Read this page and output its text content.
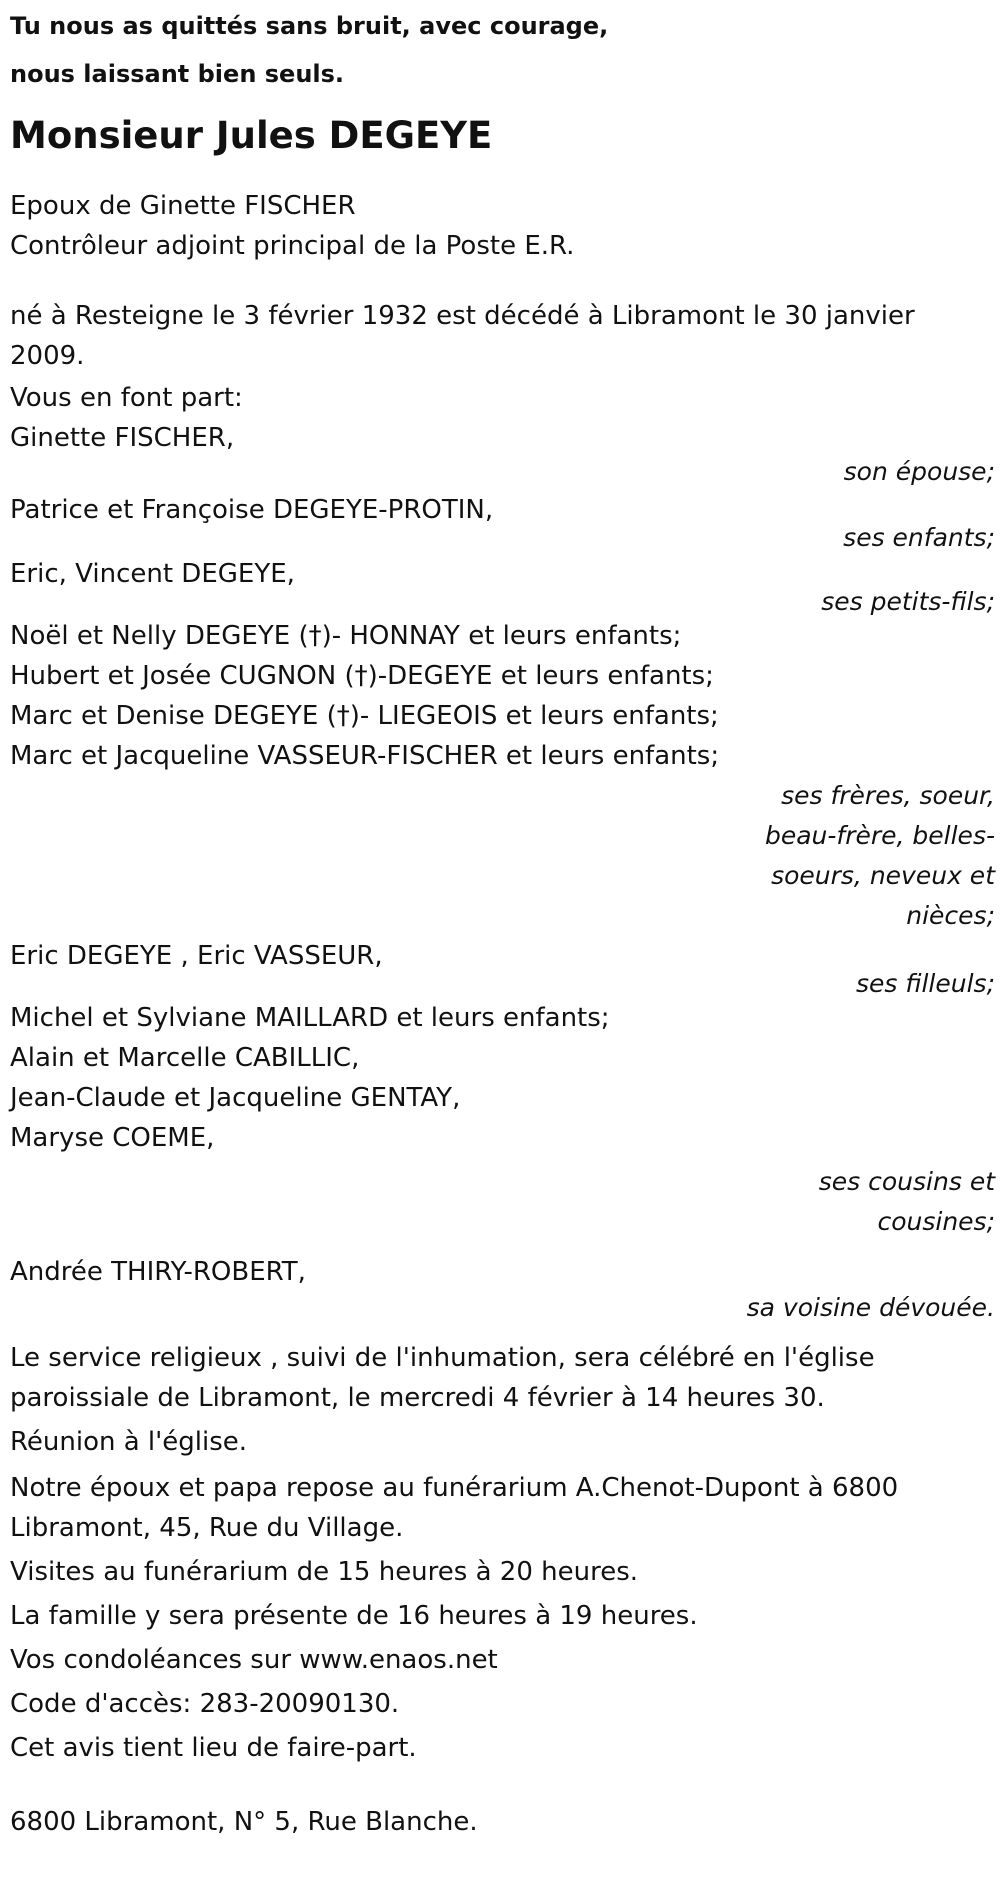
Tu nous as quittés sans bruit, avec courage,
nous laissant bien seuls.
Monsieur Jules DEGEYE
Epoux de Ginette FISCHER
Contrôleur adjoint principal de la Poste E.R.
né à Resteigne le 3 février 1932 est décédé à Libramont le 30 janvier 2009.
Vous en font part:
Ginette FISCHER,
son épouse;
Patrice et Françoise DEGEYE-PROTIN,
ses enfants;
Eric, Vincent DEGEYE,
ses petits-fils;
Noël et Nelly DEGEYE (†)- HONNAY et leurs enfants;
Hubert et Josée CUGNON (†)-DEGEYE et leurs enfants;
Marc et Denise DEGEYE (†)- LIEGEOIS et leurs enfants;
Marc et Jacqueline VASSEUR-FISCHER et leurs enfants;
ses frères, soeur, beau-frère, belles-soeurs, neveux et nièces;
Eric DEGEYE , Eric VASSEUR,
ses filleuls;
Michel et Sylviane MAILLARD et leurs enfants;
Alain et Marcelle CABILLIC,
Jean-Claude et Jacqueline GENTAY,
Maryse COEME,
ses cousins et cousines;
Andrée THIRY-ROBERT,
sa voisine dévouée.
Le service religieux , suivi de l'inhumation, sera célébré en l'église paroissiale de Libramont, le mercredi 4 février à 14 heures 30.
Réunion à l'église.
Notre époux et papa repose au funérarium A.Chenot-Dupont à 6800 Libramont, 45, Rue du Village.
Visites au funérarium de 15 heures à 20 heures.
La famille y sera présente de 16 heures à 19 heures.
Vos condoléances sur www.enaos.net
Code d'accès: 283-20090130.
Cet avis tient lieu de faire-part.
6800 Libramont, N° 5, Rue Blanche.
